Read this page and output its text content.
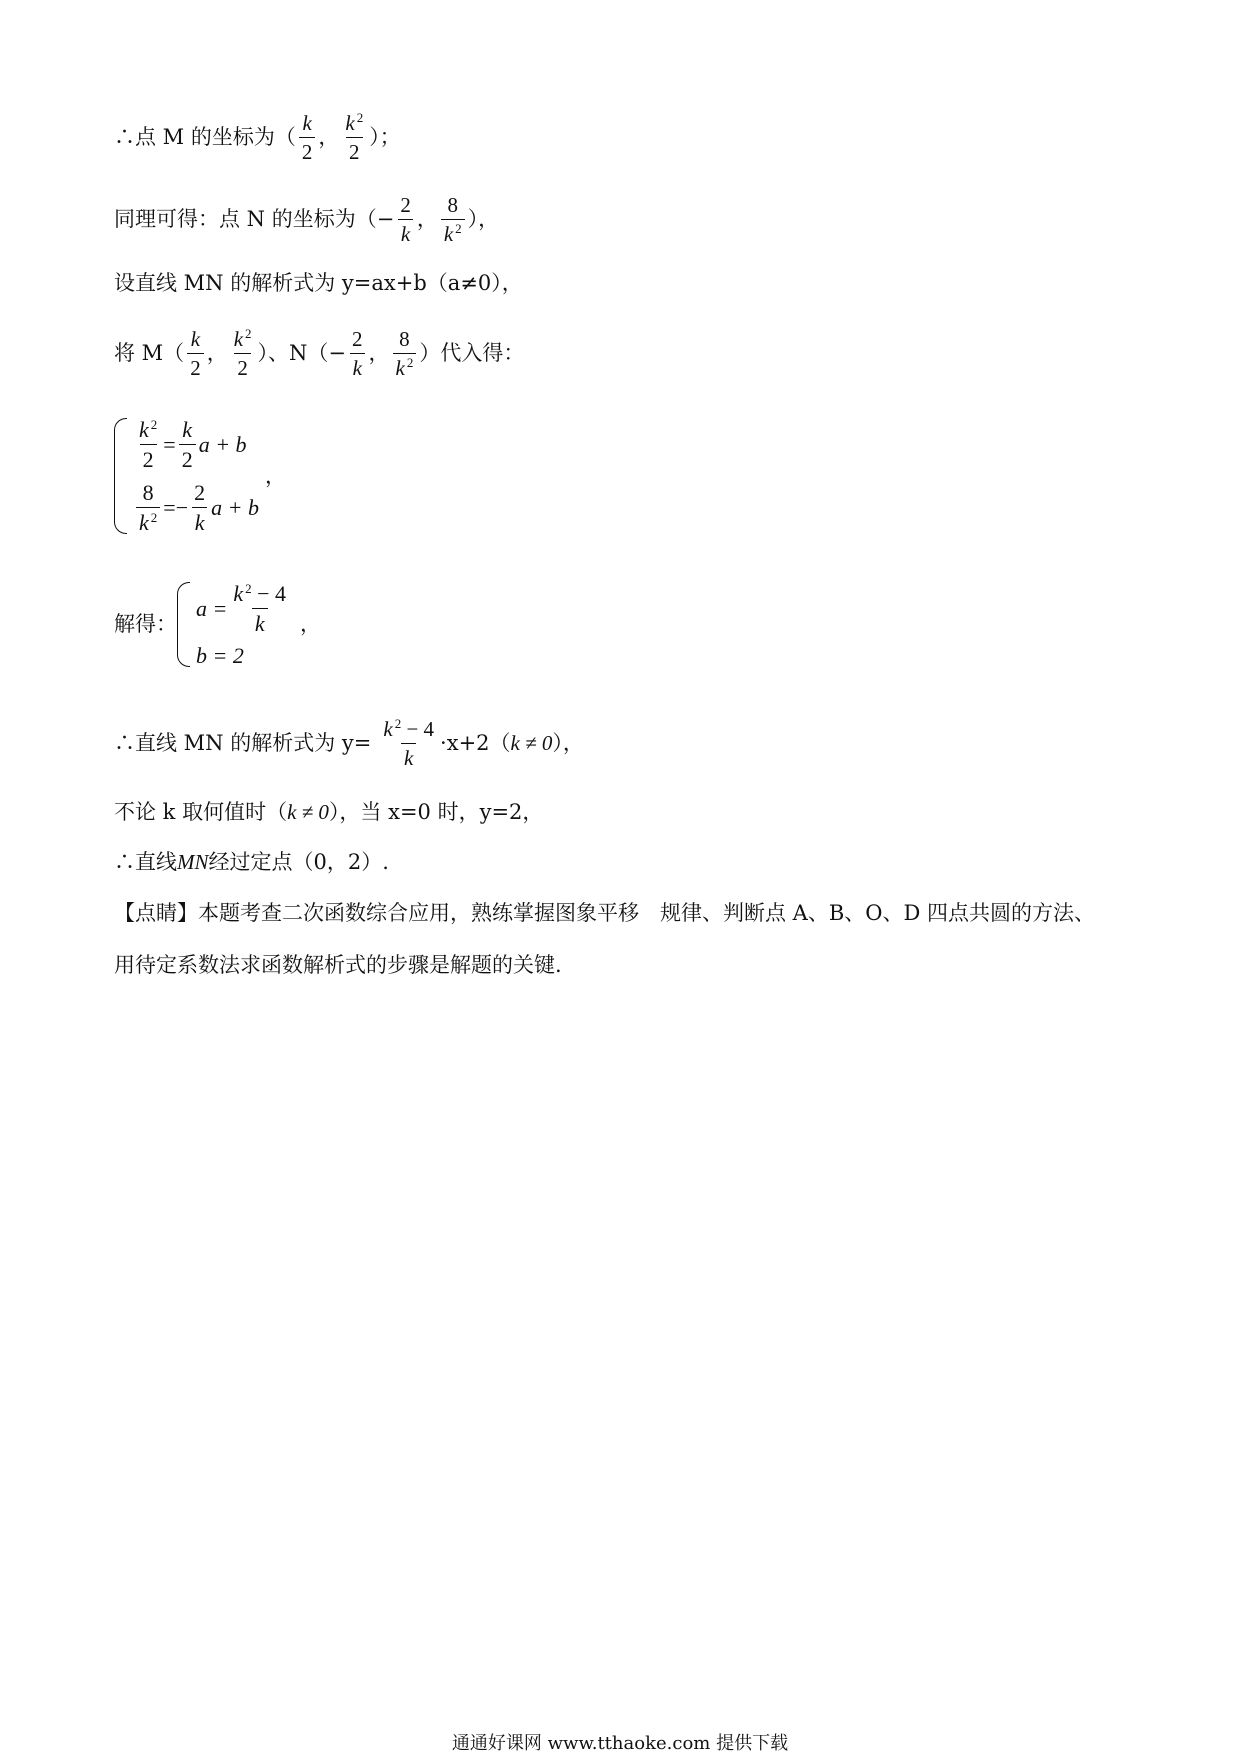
∴点 M 的坐标为（ $\frac{k}{2}$ ， $\frac{k ^2}{2}$ ）；
同理可得：点 N 的坐标为（ − $\frac{2}{k}$ ， $\frac{8}{k ^2}$ ），
设直线 MN 的解析式为 y=ax+b（a≠0），
将 $M( \frac{k}{2}$ ， $\frac{k ^2}{2}$ ）、$N( - \frac{2}{k}$ ， $\frac{8}{k ^2}$ ）代入得：
$\frac{k ^2}{2} = \frac{k}{2}$ a + b
$\frac{8}{k ^2}$ = − $\frac{2}{k}$ a + b
，
解得：
$a = \frac{k ^2 - 4}{k}$
b = 2
，
∴直线 MN 的解析式为 $y= \frac{k ^2 - 4}{k} \cdot x+2$（ k ≠ 0 ），
不论 k 取何值时（ k ≠ 0 ），当 x=0 时，y=2，
∴直线 MN 经过定点（0，2）.
【点睛】本题考查二次函数综合应用，熟练掌握图象平移　规律、判断点 A、B、O、D 四点共圆的方法、
用待定系数法求函数解析式的步骤是解题的关键.
通通好课网 www.tthaoke.com 提供下载
